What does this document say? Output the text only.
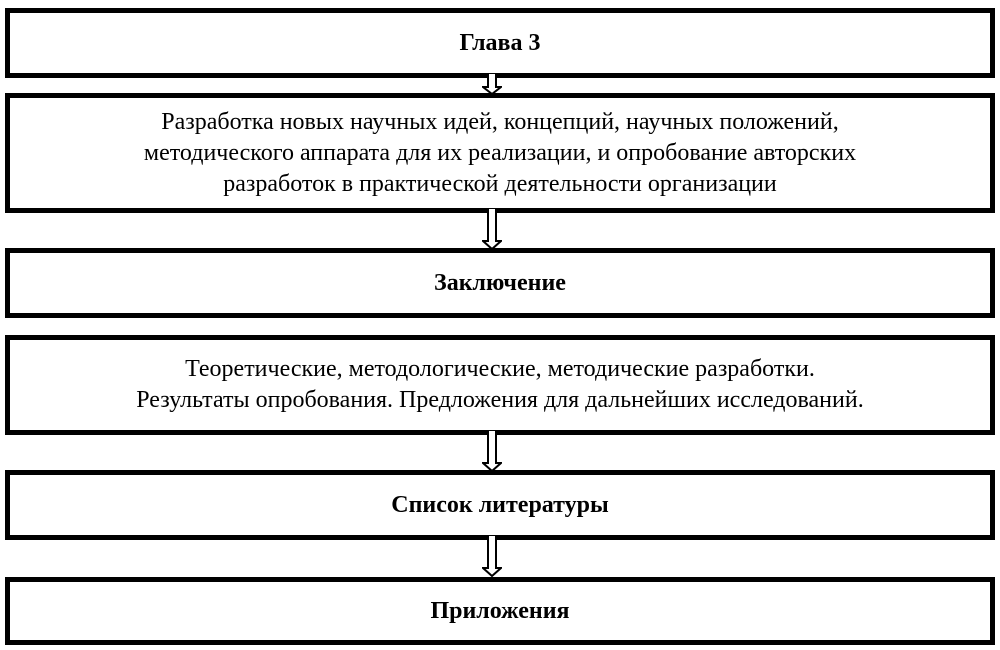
Глава 3
Разработка новых научных идей, концепций, научных положений,
методического аппарата для их реализации, и опробование авторских
разработок в практической деятельности организации
Заключение
Теоретические, методологические, методические разработки.
Результаты опробования. Предложения для дальнейших исследований.
Список литературы
Приложения
